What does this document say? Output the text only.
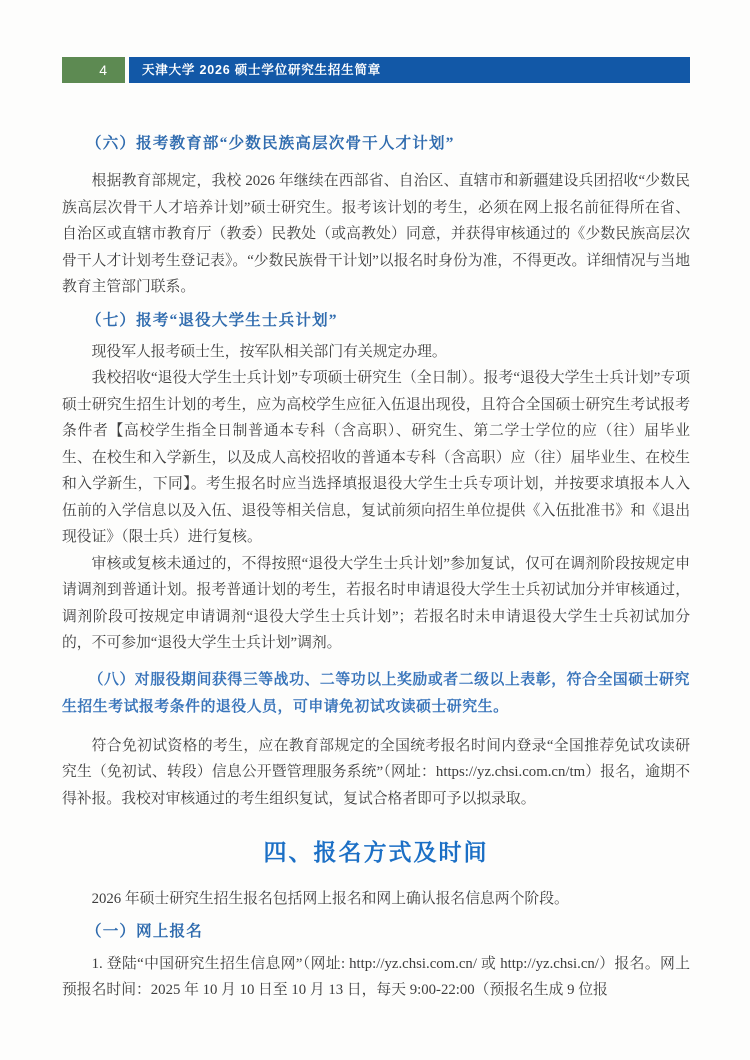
4	天津大学 2026 硕士学位研究生招生简章
（六）报考教育部“少数民族高层次骨干人才计划”

根据教育部规定，我校 2026 年继续在西部省、自治区、直辖市和新疆建设兵团招收“少数民族高层次骨干人才培养计划”硕士研究生。报考该计划的考生，必须在网上报名前征得所在省、自治区或直辖市教育厅（教委）民教处（或高教处）同意，并获得审核通过的《少数民族高层次骨干人才计划考生登记表》。“少数民族骨干计划”以报名时身份为准，不得更改。详细情况与当地教育主管部门联系。

（七）报考“退役大学生士兵计划”

现役军人报考硕士生，按军队相关部门有关规定办理。

我校招收“退役大学生士兵计划”专项硕士研究生（全日制）。报考“退役大学生士兵计划”专项硕士研究生招生计划的考生，应为高校学生应征入伍退出现役，且符合全国硕士研究生考试报考条件者【高校学生指全日制普通本专科（含高职）、研究生、第二学士学位的应（往）届毕业生、在校生和入学新生，以及成人高校招收的普通本专科（含高职）应（往）届毕业生、在校生和入学新生，下同】。考生报名时应当选择填报退役大学生士兵专项计划，并按要求填报本人入伍前的入学信息以及入伍、退役等相关信息，复试前须向招生单位提供《入伍批准书》和《退出现役证》（限士兵）进行复核。

审核或复核未通过的，不得按照“退役大学生士兵计划”参加复试，仅可在调剂阶段按规定申请调剂到普通计划。报考普通计划的考生，若报名时申请退役大学生士兵初试加分并审核通过，调剂阶段可按规定申请调剂“退役大学生士兵计划”；若报名时未申请退役大学生士兵初试加分的，不可参加“退役大学生士兵计划”调剂。

（八）对服役期间获得三等战功、二等功以上奖励或者二级以上表彰，符合全国硕士研究生招生考试报考条件的退役人员，可申请免初试攻读硕士研究生。

符合免初试资格的考生，应在教育部规定的全国统考报名时间内登录“全国推荐免试攻读研究生（免初试、转段）信息公开暨管理服务系统”（网址：https://yz.chsi.com.cn/tm）报名，逾期不得补报。我校对审核通过的考生组织复试，复试合格者即可予以拟录取。

四、报名方式及时间

2026 年硕士研究生招生报名包括网上报名和网上确认报名信息两个阶段。

（一）网上报名

1. 登陆“中国研究生招生信息网”（网址: http://yz.chsi.com.cn/ 或 http://yz.chsi.cn/）报名。网上预报名时间：2025 年 10 月 10 日至 10 月 13 日，每天 9:00-22:00（预报名生成 9 位报
